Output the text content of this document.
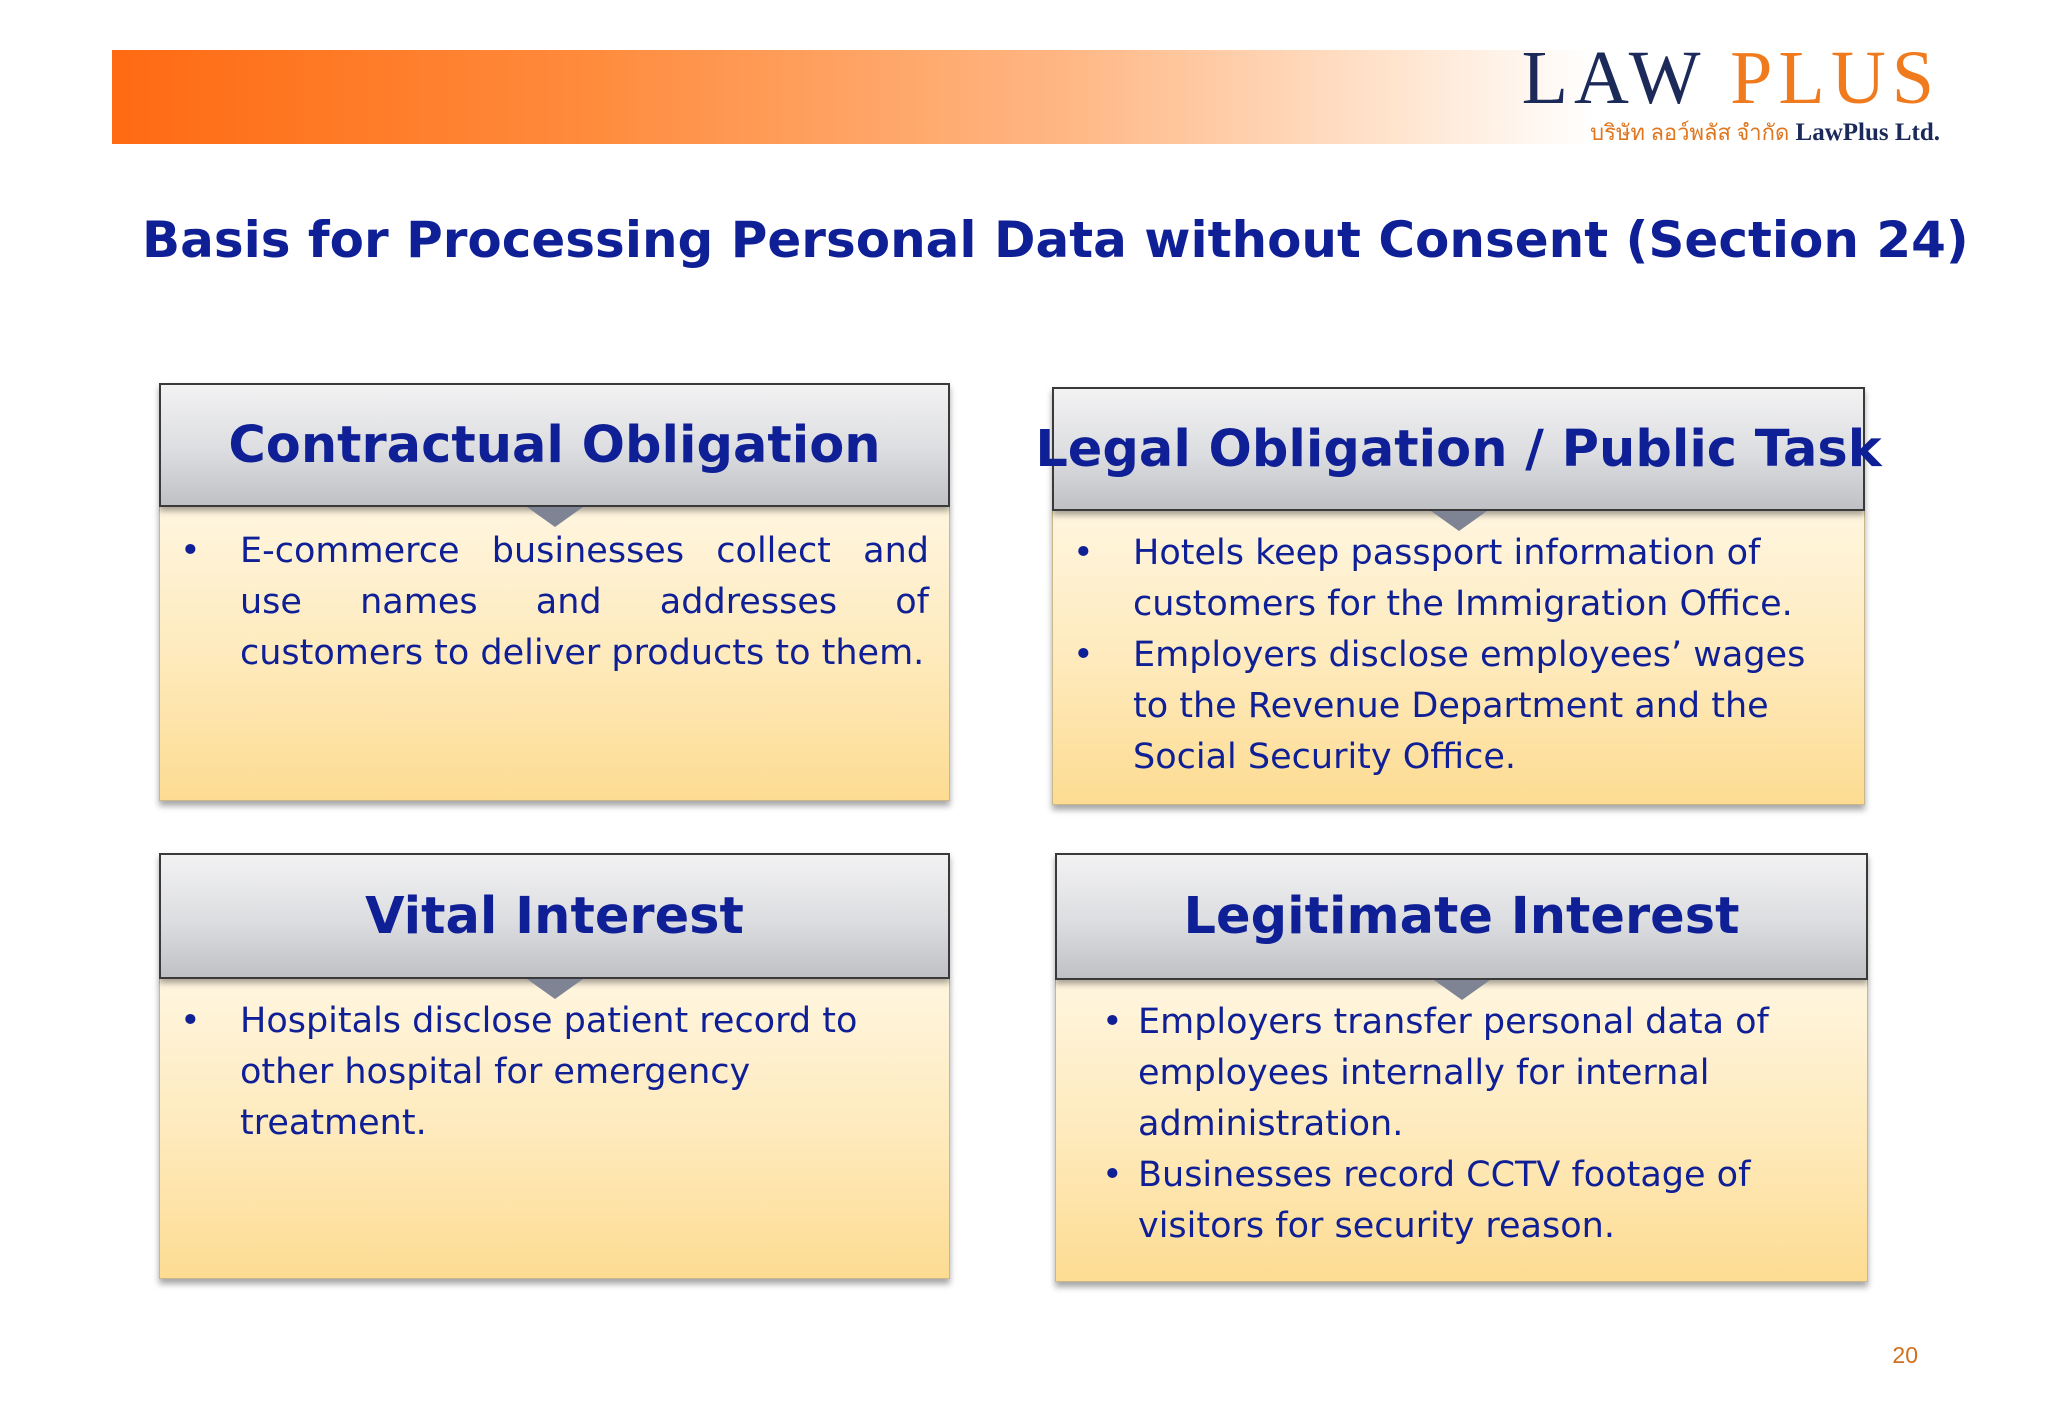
LAW PLUS
บริษัท ลอว์พลัส จำกัด LawPlus Ltd.
Basis for Processing Personal Data without Consent (Section 24)
Contractual Obligation
• E-commerce businesses collect and use names and addresses of customers to deliver products to them.
Legal Obligation / Public Task
• Hotels keep passport information of customers for the Immigration Office.
• Employers disclose employees’ wages to the Revenue Department and the Social Security Office.
Vital Interest
• Hospitals disclose patient record to other hospital for emergency treatment.
Legitimate Interest
• Employers transfer personal data of employees internally for internal administration.
• Businesses record CCTV footage of visitors for security reason.
20
